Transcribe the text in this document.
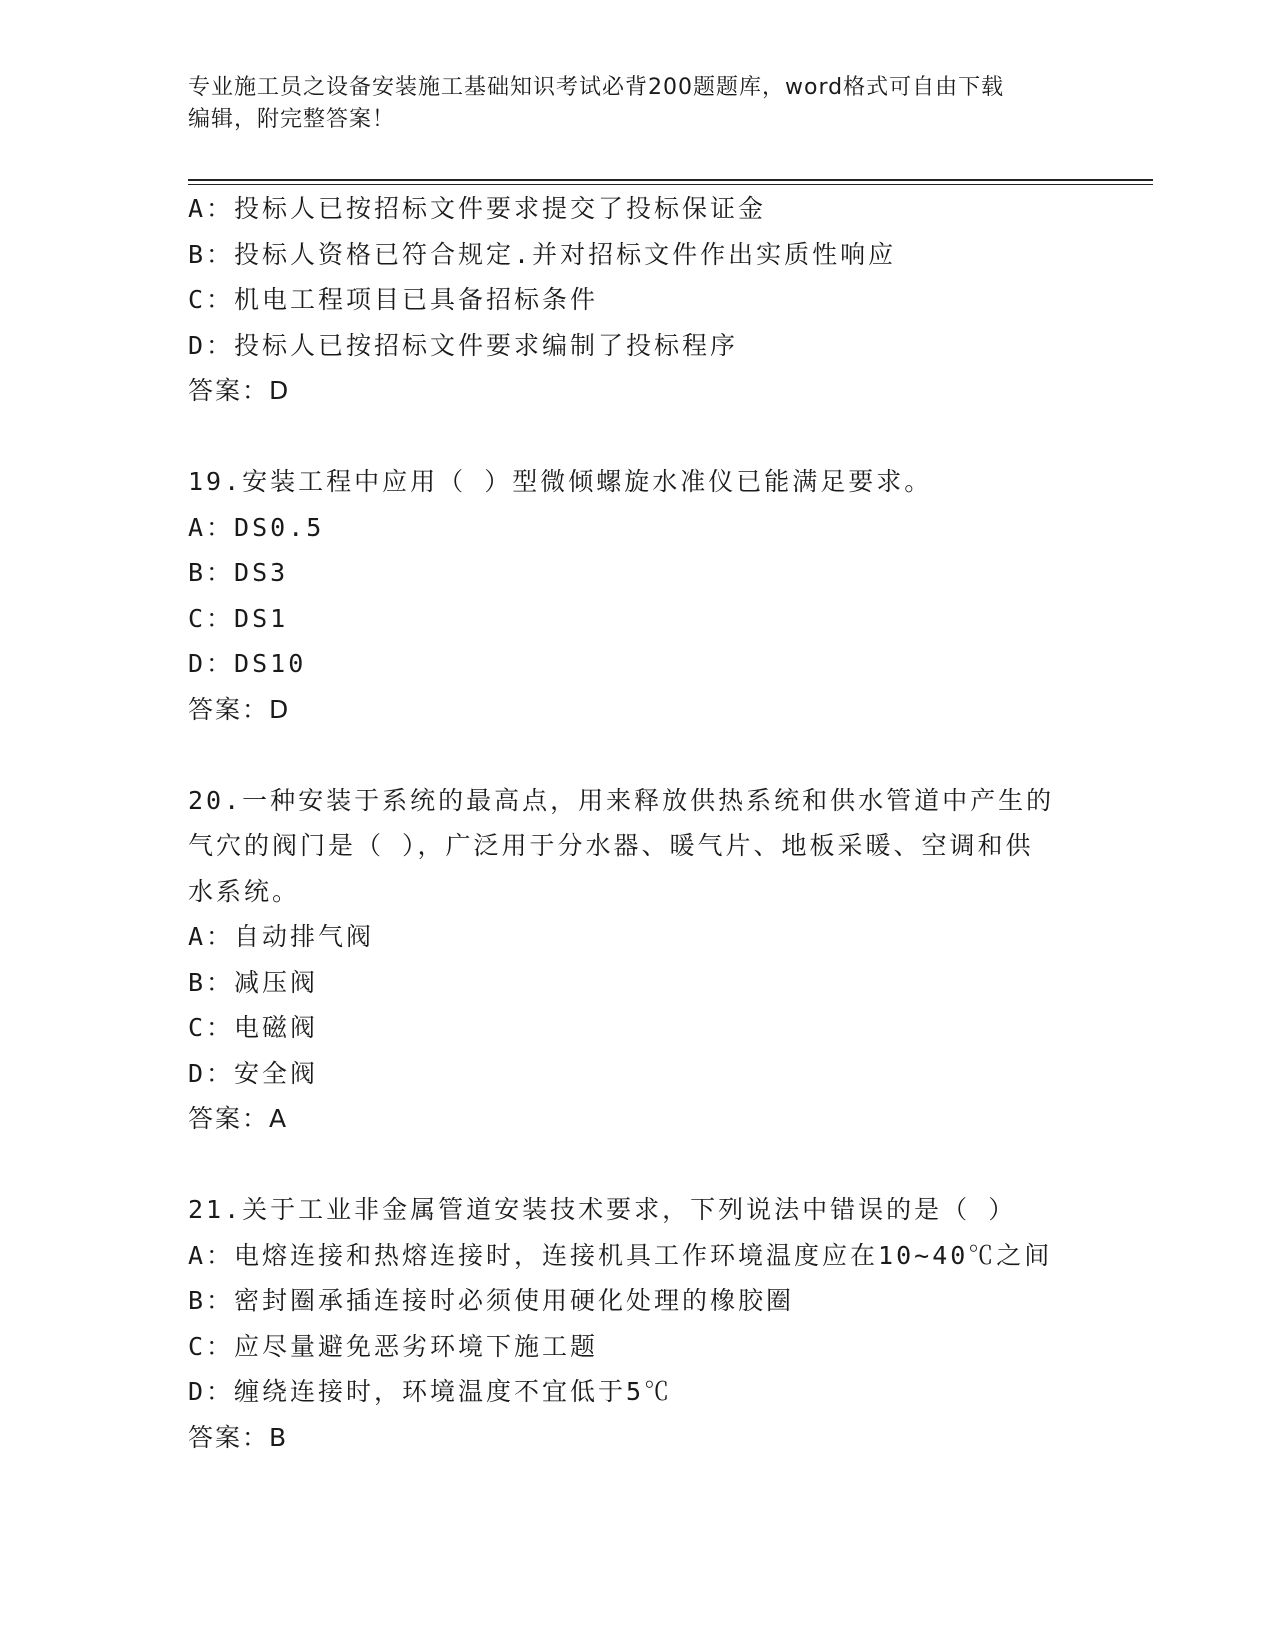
专业施工员之设备安装施工基础知识考试必背200题题库，word格式可自由下载
编辑，附完整答案！
A：投标人已按招标文件要求提交了投标保证金
B：投标人资格已符合规定.并对招标文件作出实质性响应
C：机电工程项目已具备招标条件
D：投标人已按招标文件要求编制了投标程序
答案：D
19.安装工程中应用（ ）型微倾螺旋水准仪已能满足要求。
A：DS0.5
B：DS3
C：DS1
D：DS10
答案：D
20.一种安装于系统的最高点，用来释放供热系统和供水管道中产生的
气穴的阀门是（ ），广泛用于分水器、暖气片、地板采暖、空调和供
水系统。
A：自动排气阀
B：减压阀
C：电磁阀
D：安全阀
答案：A
21.关于工业非金属管道安装技术要求，下列说法中错误的是（ ）
A：电熔连接和热熔连接时，连接机具工作环境温度应在10~40℃之间
B：密封圈承插连接时必须使用硬化处理的橡胶圈
C：应尽量避免恶劣环境下施工题
D：缠绕连接时，环境温度不宜低于5℃
答案：B
